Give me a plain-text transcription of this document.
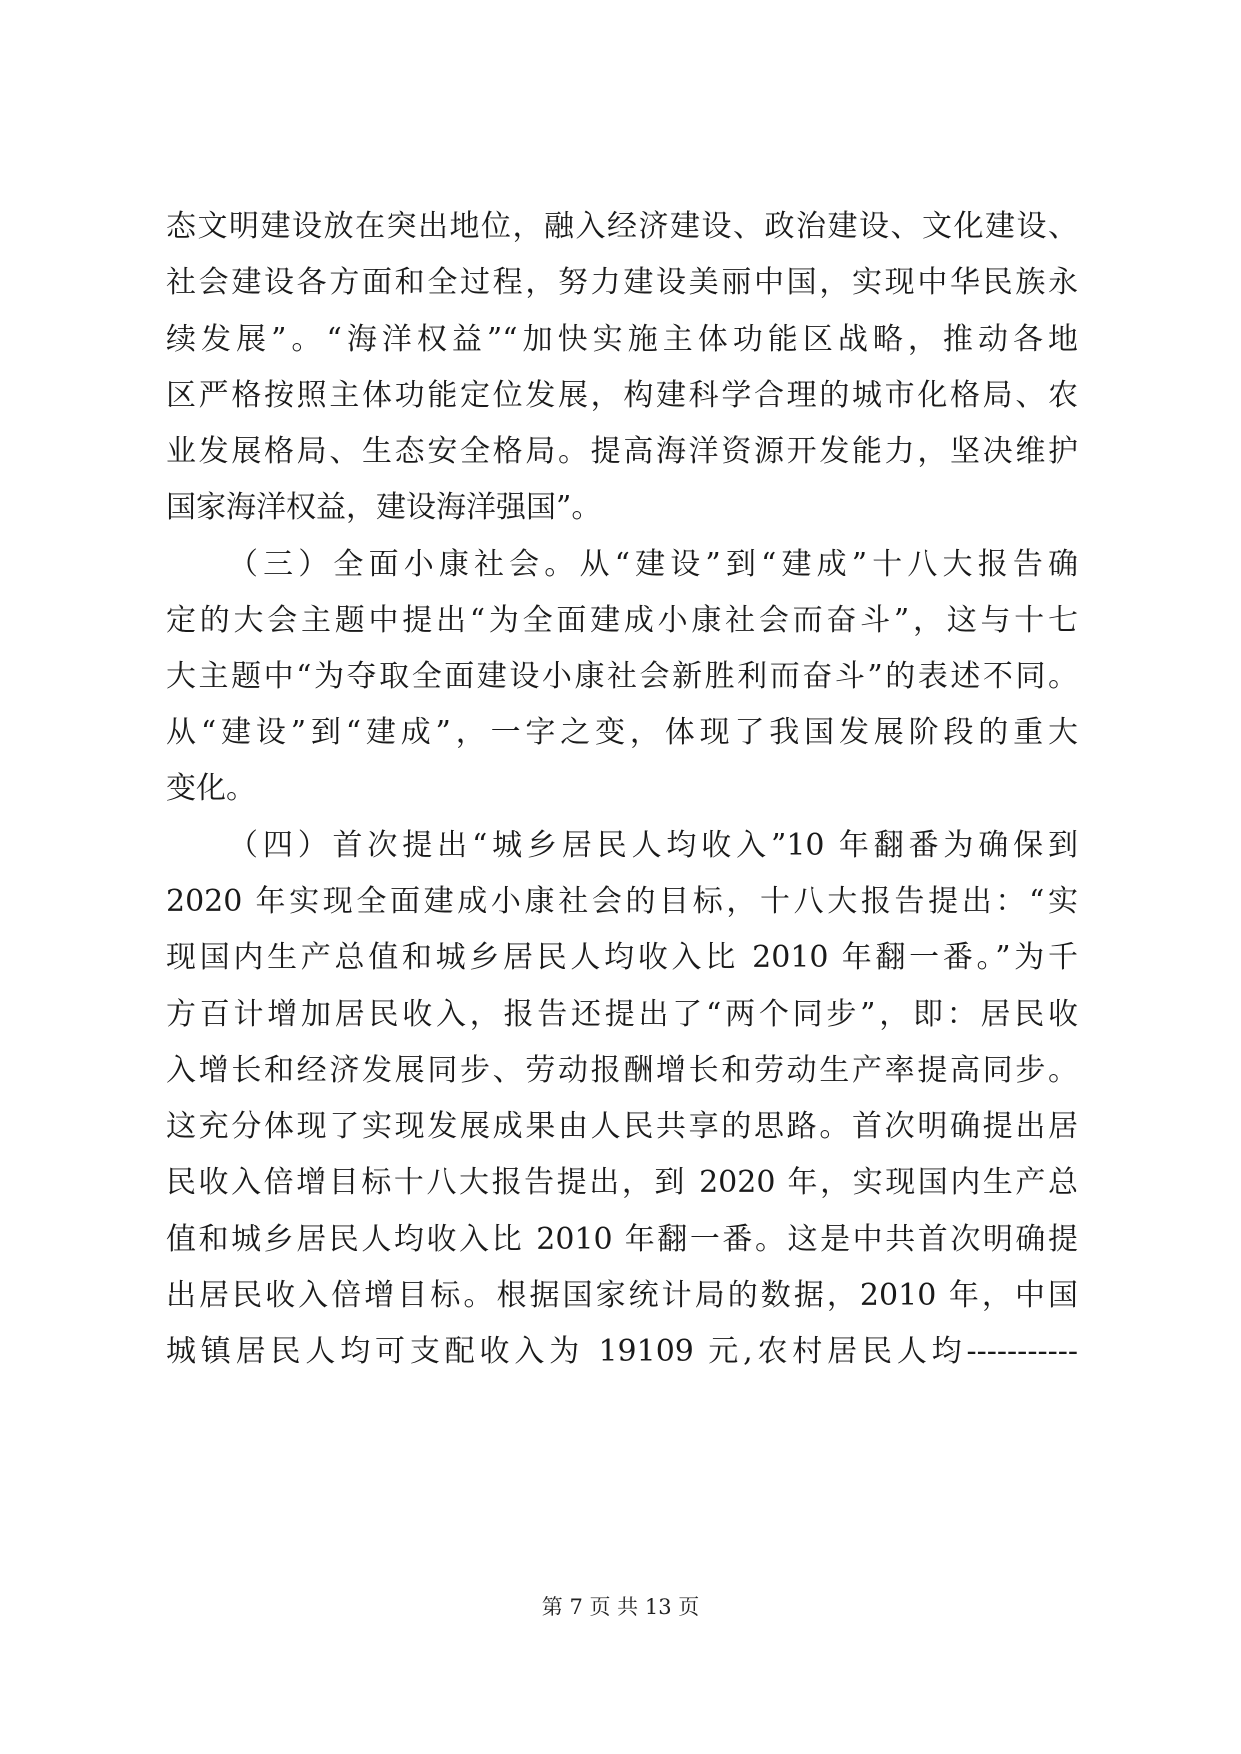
态文明建设放在突出地位，融入经济建设、政治建设、文化建设、
社会建设各方面和全过程，努力建设美丽中国，实现中华民族永
续发展”。“海洋权益”“加快实施主体功能区战略，推动各地
区严格按照主体功能定位发展，构建科学合理的城市化格局、农
业发展格局、生态安全格局。提高海洋资源开发能力，坚决维护
国家海洋权益，建设海洋强国”。
（三）全面小康社会。从“建设”到“建成”十八大报告确
定的大会主题中提出“为全面建成小康社会而奋斗”，这与十七
大主题中“为夺取全面建设小康社会新胜利而奋斗”的表述不同。
从“建设”到“建成”，一字之变，体现了我国发展阶段的重大
变化。
（四）首次提出“城乡居民人均收入”10 年翻番为确保到
2020 年实现全面建成小康社会的目标，十八大报告提出：“实
现国内生产总值和城乡居民人均收入比 2010 年翻一番。”为千
方百计增加居民收入，报告还提出了“两个同步”，即：居民收
入增长和经济发展同步、劳动报酬增长和劳动生产率提高同步。
这充分体现了实现发展成果由人民共享的思路。首次明确提出居
民收入倍增目标十八大报告提出，到 2020 年，实现国内生产总
值和城乡居民人均收入比 2010 年翻一番。这是中共首次明确提
出居民收入倍增目标。根据国家统计局的数据，2010 年，中国
城镇居民人均可支配收入为 19109 元,农村居民人均-----------
第 7 页 共 13 页
